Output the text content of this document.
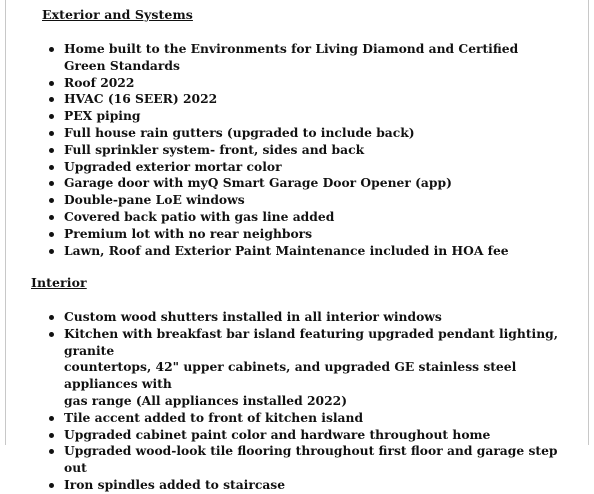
Exterior and Systems
Home built to the Environments for Living Diamond and Certified
Green Standards
Roof 2022
HVAC (16 SEER) 2022
PEX piping
Full house rain gutters (upgraded to include back)
Full sprinkler system- front, sides and back
Upgraded exterior mortar color
Garage door with myQ Smart Garage Door Opener (app)
Double-pane LoE windows
Covered back patio with gas line added
Premium lot with no rear neighbors
Lawn, Roof and Exterior Paint Maintenance included in HOA fee
Interior
Custom wood shutters installed in all interior windows
Kitchen with breakfast bar island featuring upgraded pendant lighting, granite
countertops, 42" upper cabinets, and upgraded GE stainless steel appliances with
gas range (All appliances installed 2022)
Tile accent added to front of kitchen island
Upgraded cabinet paint color and hardware throughout home
Upgraded wood-look tile flooring throughout first floor and garage step out
Iron spindles added to staircase
